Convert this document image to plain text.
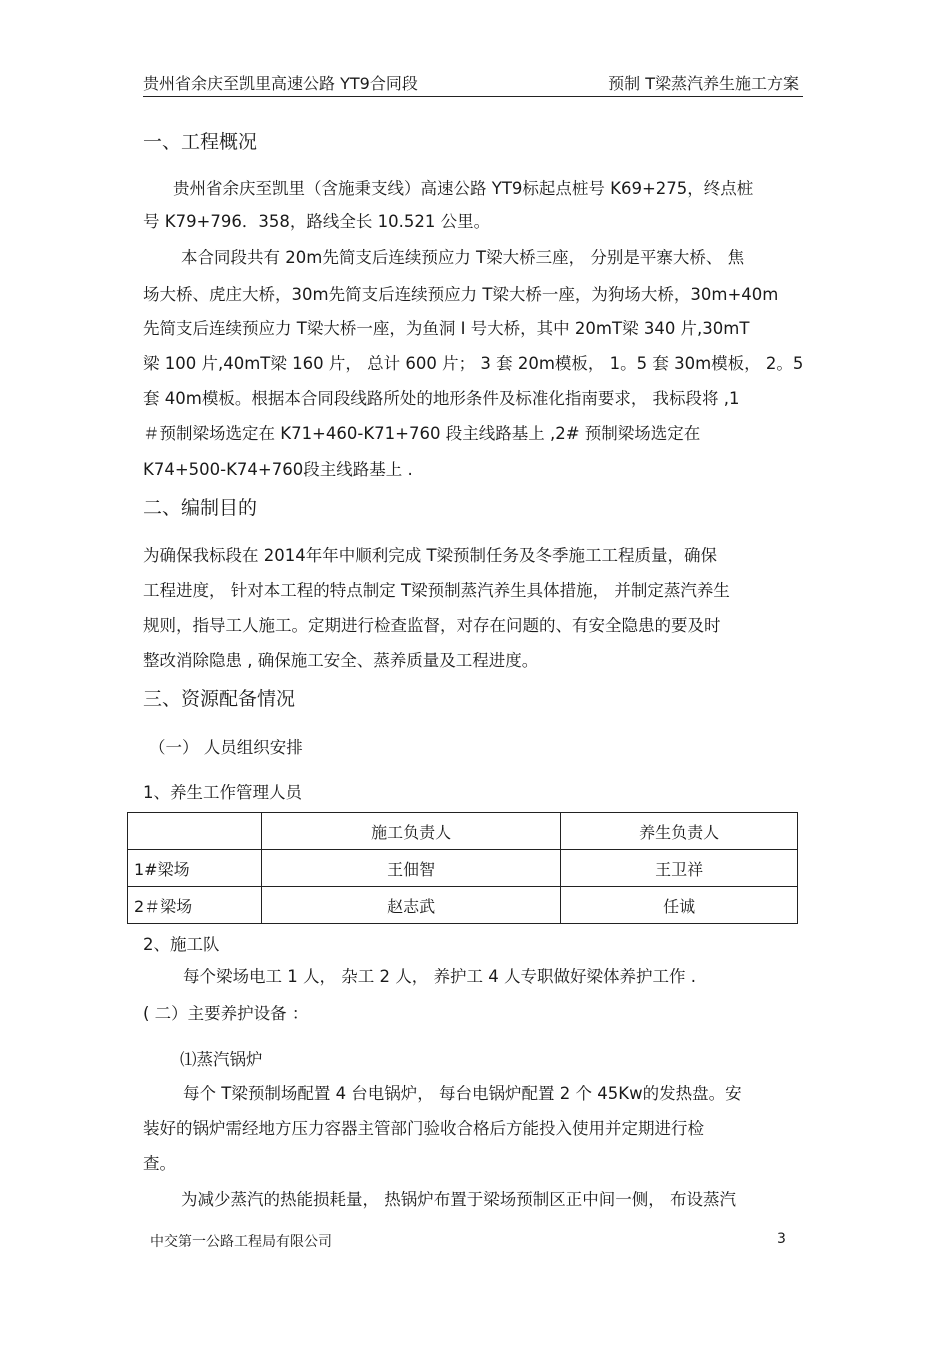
贵州省余庆至凯里高速公路 YT9合同段	预制 T梁蒸汽养生施工方案
一、工程概况
贵州省余庆至凯里（含施秉支线）高速公路 YT9标起点桩号 K69+275，终点桩
号 K79+796．358，路线全长 10.521 公里。
本合同段共有 20m先简支后连续预应力 T梁大桥三座， 分别是平寨大桥、 焦
场大桥、虎庄大桥，30m先简支后连续预应力 T梁大桥一座，为狗场大桥，30m+40m
先简支后连续预应力 T梁大桥一座，为鱼洞 I 号大桥，其中 20mT梁 340 片,30mT
梁 100 片,40mT梁 160 片， 总计 600 片； 3 套 20m模板， 1。5 套 30m模板， 2。5
套 40m模板。根据本合同段线路所处的地形条件及标准化指南要求， 我标段将 ,1
＃预制梁场选定在 K71+460-K71+760 段主线路基上 ,2# 预制梁场选定在
K74+500-K74+760段主线路基上 .
二、编制目的
为确保我标段在 2014年年中顺利完成 T梁预制任务及冬季施工工程质量，确保
工程进度， 针对本工程的特点制定 T梁预制蒸汽养生具体措施， 并制定蒸汽养生
规则，指导工人施工。定期进行检查监督，对存在问题的、有安全隐患的要及时
整改消除隐患 , 确保施工安全、蒸养质量及工程进度。
三、资源配备情况
（一） 人员组织安排
1、养生工作管理人员
	施工负责人	养生负责人
1#梁场	王佃智	王卫祥
2＃梁场	赵志武	任诚
2、施工队
每个梁场电工 1 人， 杂工 2 人， 养护工 4 人专职做好梁体养护工作 .
( 二）主要养护设备 ：
⑴蒸汽锅炉
每个 T梁预制场配置 4 台电锅炉， 每台电锅炉配置 2 个 45Kw的发热盘。安
装好的锅炉需经地方压力容器主管部门验收合格后方能投入使用并定期进行检
查。
为减少蒸汽的热能损耗量， 热锅炉布置于梁场预制区正中间一侧， 布设蒸汽
中交第一公路工程局有限公司	3
